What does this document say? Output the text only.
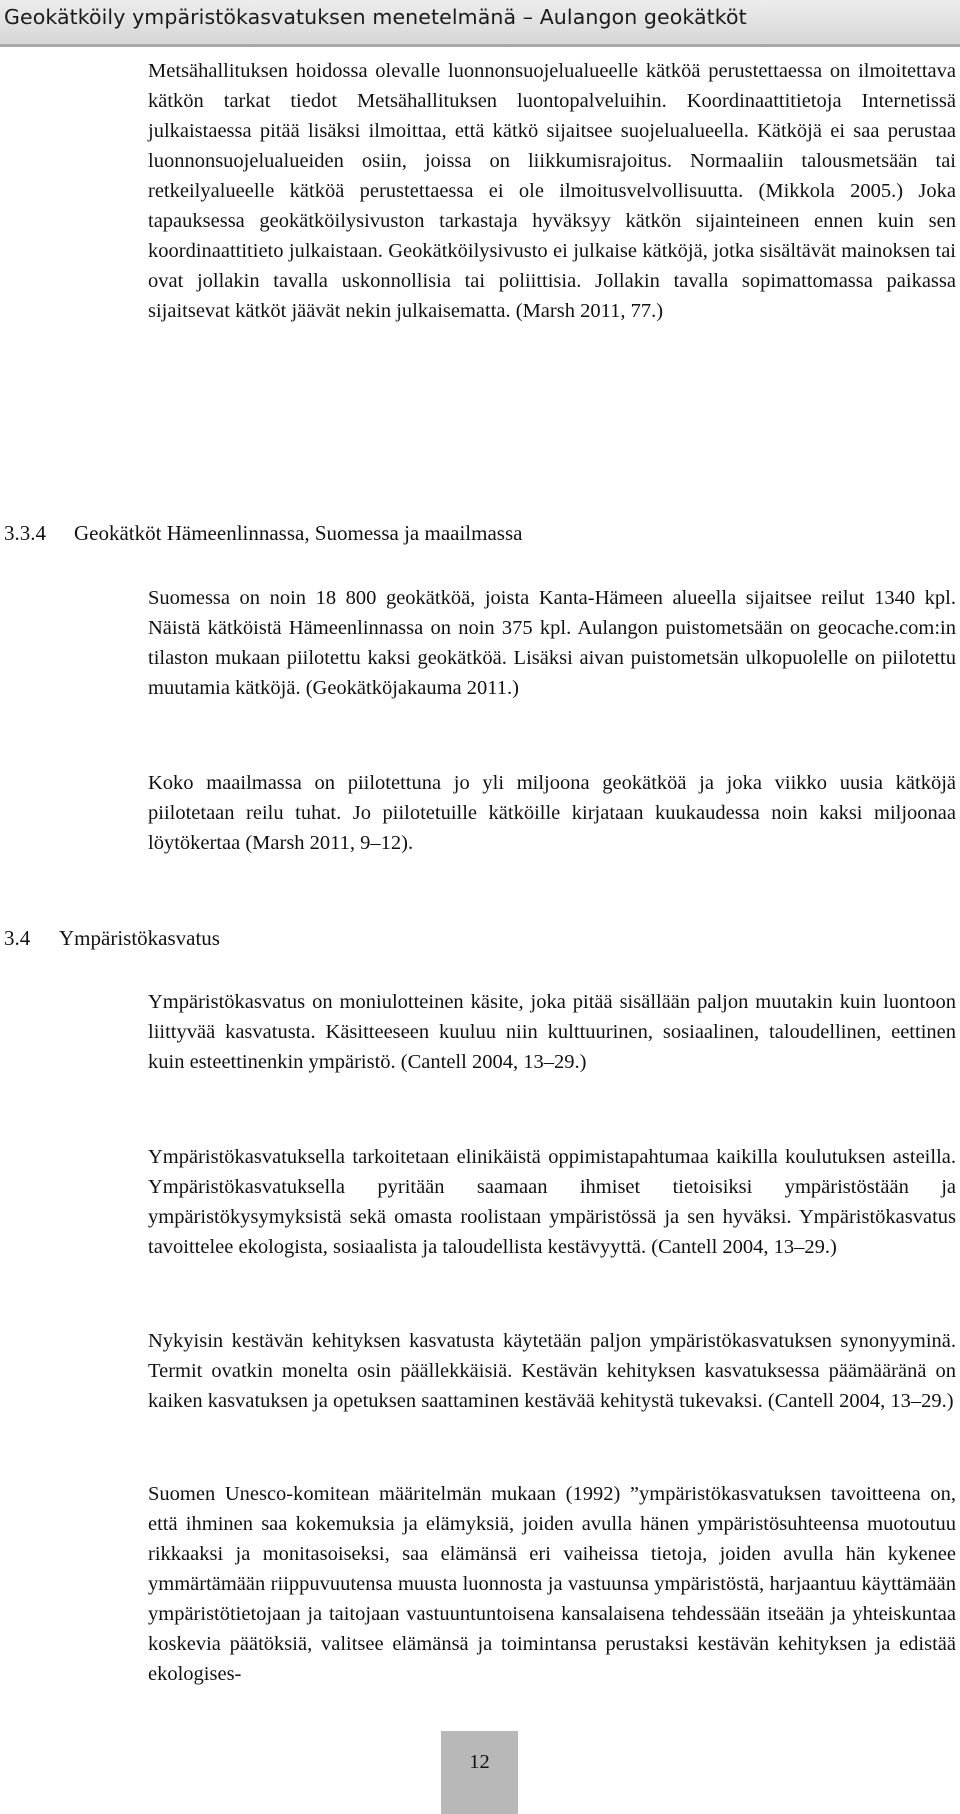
Geokätköily ympäristökasvatuksen menetelmänä – Aulangon geokätköt

Metsähallituksen hoidossa olevalle luonnonsuojelualueelle kätköä perustettaessa on ilmoitettava kätkön tarkat tiedot Metsähallituksen luontopalveluihin. Koordinaattitietoja Internetissä julkaistaessa pitää lisäksi ilmoittaa, että kätkö sijaitsee suojelualueella. Kätköjä ei saa perustaa luonnonsuojelualueiden osiin, joissa on liikkumisrajoitus. Normaaliin talousmetsään tai retkeilyalueelle kätköä perustettaessa ei ole ilmoitusvelvollisuutta. (Mikkola 2005.) Joka tapauksessa geokätköilysivuston tarkastaja hyväksyy kätkön sijainteineen ennen kuin sen koordinaattitieto julkaistaan. Geokätköilysivusto ei julkaise kätköjä, jotka sisältävät mainoksen tai ovat jollakin tavalla uskonnollisia tai poliittisia. Jollakin tavalla sopimattomassa paikassa sijaitsevat kätköt jäävät nekin julkaisematta. (Marsh 2011, 77.)

3.3.4 Geokätköt Hämeenlinnassa, Suomessa ja maailmassa

Suomessa on noin 18 800 geokätköä, joista Kanta-Hämeen alueella sijaitsee reilut 1340 kpl. Näistä kätköistä Hämeenlinnassa on noin 375 kpl. Aulangon puistometsään on geocache.com:in tilaston mukaan piilotettu kaksi geokätköä. Lisäksi aivan puistometsän ulkopuolelle on piilotettu muutamia kätköjä. (Geokätköjakauma 2011.)

Koko maailmassa on piilotettuna jo yli miljoona geokätköä ja joka viikko uusia kätköjä piilotetaan reilu tuhat. Jo piilotetuille kätköille kirjataan kuukaudessa noin kaksi miljoonaa löytökertaa (Marsh 2011, 9–12).

3.4 Ympäristökasvatus

Ympäristökasvatus on moniulotteinen käsite, joka pitää sisällään paljon muutakin kuin luontoon liittyvää kasvatusta. Käsitteeseen kuuluu niin kulttuurinen, sosiaalinen, taloudellinen, eettinen kuin esteettinenkin ympäristö. (Cantell 2004, 13–29.)

Ympäristökasvatuksella tarkoitetaan elinikäistä oppimistapahtumaa kaikilla koulutuksen asteilla. Ympäristökasvatuksella pyritään saamaan ihmiset tietoisiksi ympäristöstään ja ympäristökysymyksistä sekä omasta roolistaan ympäristössä ja sen hyväksi. Ympäristökasvatus tavoittelee ekologista, sosiaalista ja taloudellista kestävyyttä. (Cantell 2004, 13–29.)

Nykyisin kestävän kehityksen kasvatusta käytetään paljon ympäristökasvatuksen synonyyminä. Termit ovatkin monelta osin päällekkäisiä. Kestävän kehityksen kasvatuksessa päämääränä on kaiken kasvatuksen ja opetuksen saattaminen kestävää kehitystä tukevaksi. (Cantell 2004, 13–29.)

Suomen Unesco-komitean määritelmän mukaan (1992) ”ympäristökasvatuksen tavoitteena on, että ihminen saa kokemuksia ja elämyksiä, joiden avulla hänen ympäristösuhteensa muotoutuu rikkaaksi ja monitasoiseksi, saa elämänsä eri vaiheissa tietoja, joiden avulla hän kykenee ymmärtämään riippuvuutensa muusta luonnosta ja vastuunsa ympäristöstä, harjaantuu käyttämään ympäristötietojaan ja taitojaan vastuuntuntoisena kansalaisena tehdessään itseään ja yhteiskuntaa koskevia päätöksiä, valitsee elämänsä ja toimintansa perustaksi kestävän kehityksen ja edistää ekologises-

12
